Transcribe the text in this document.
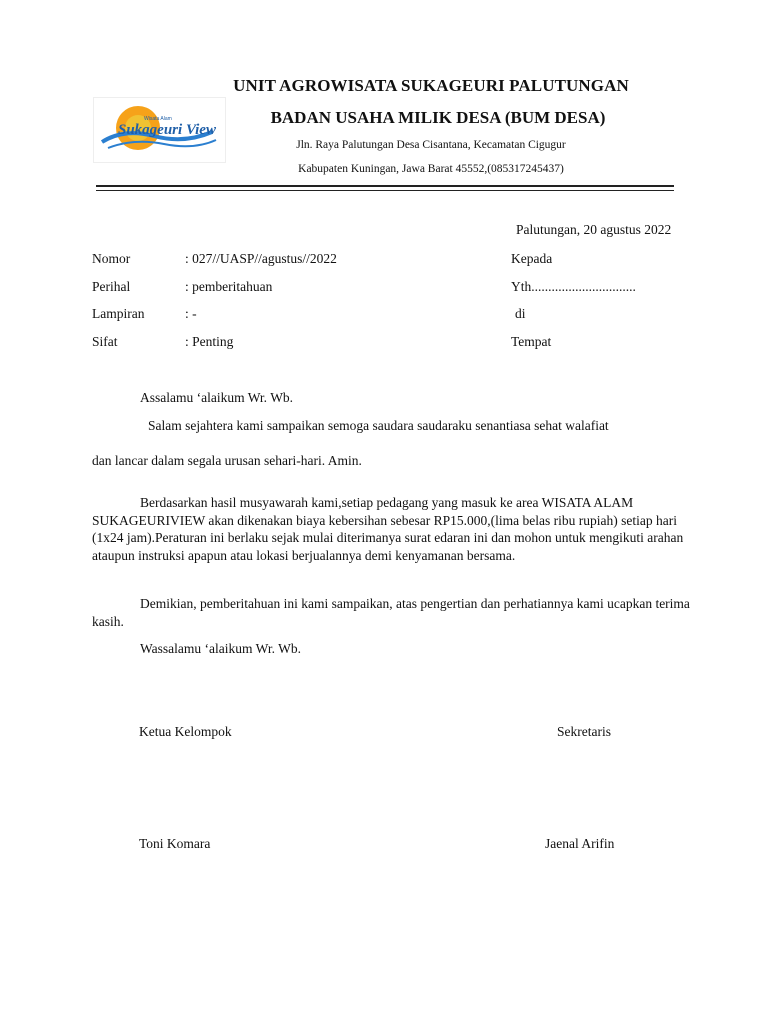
Sukageuri View
Wisata Alam
UNIT AGROWISATA SUKAGEURI PALUTUNGAN
BADAN USAHA MILIK DESA (BUM DESA)
Jln. Raya Palutungan Desa Cisantana, Kecamatan Cigugur
Kabupaten Kuningan, Jawa Barat 45552,(085317245437)
Palutungan, 20 agustus 2022
Nomor	: 027//UASP//agustus//2022
Perihal	: pemberitahuan
Lampiran	: -
Sifat	: Penting
Kepada
Yth...............................
di
Tempat
Assalamu ‘alaikum Wr. Wb.
Salam sejahtera kami sampaikan semoga saudara saudaraku senantiasa sehat walafiat
dan lancar dalam segala urusan sehari-hari. Amin.
Berdasarkan hasil musyawarah kami,setiap pedagang yang masuk ke area WISATA ALAM SUKAGEURIVIEW akan dikenakan biaya kebersihan sebesar RP15.000,(lima belas ribu rupiah) setiap hari (1x24 jam).Peraturan ini berlaku sejak mulai diterimanya surat edaran ini dan mohon untuk mengikuti arahan ataupun instruksi apapun atau lokasi berjualannya demi kenyamanan bersama.
Demikian, pemberitahuan ini kami sampaikan, atas pengertian dan perhatiannya kami ucapkan terima kasih.
Wassalamu ‘alaikum Wr. Wb.
Ketua Kelompok	Sekretaris
Toni Komara	Jaenal Arifin
